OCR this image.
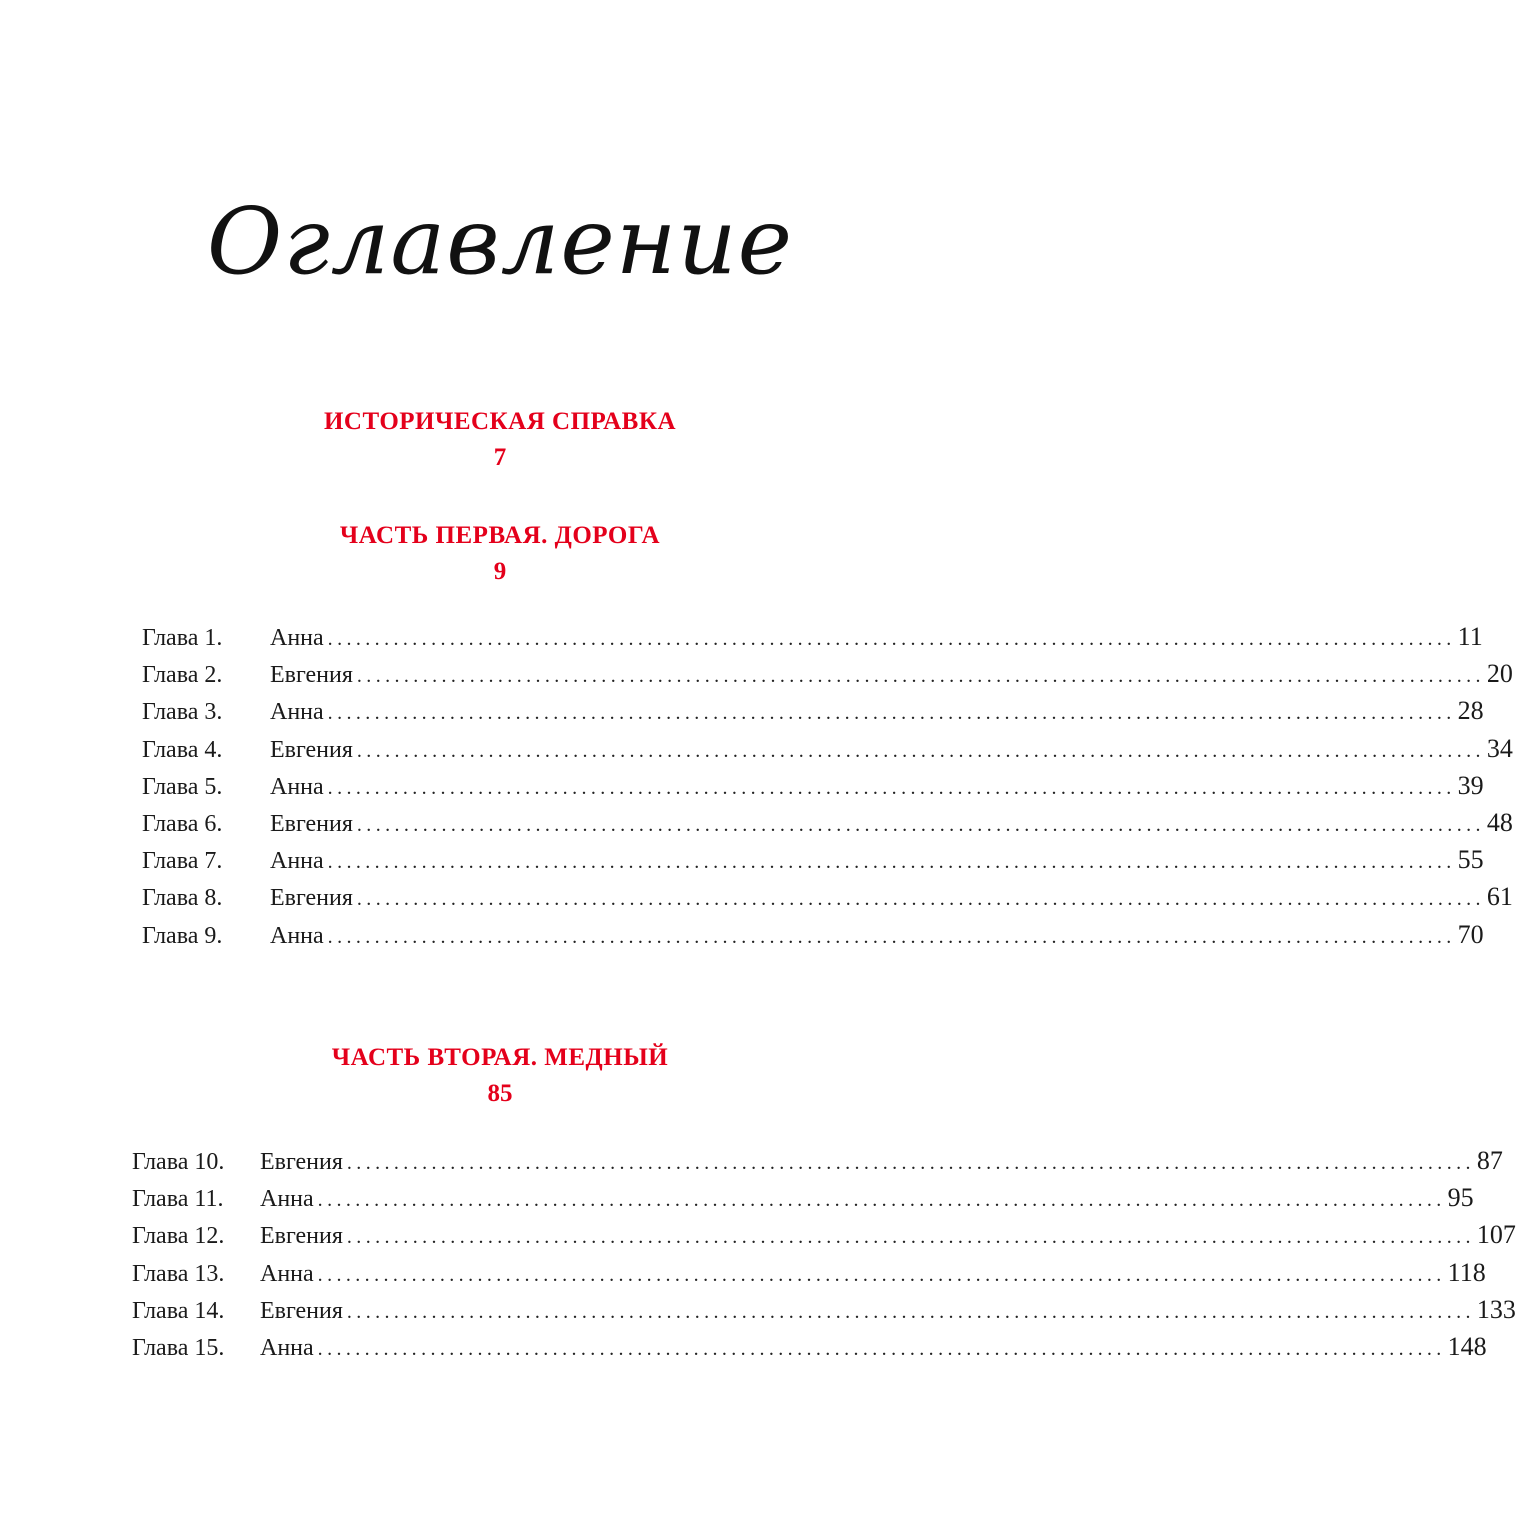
Оглавление
ИСТОРИЧЕСКАЯ СПРАВКА
7
ЧАСТЬ ПЕРВАЯ. ДОРОГА
9
Глава 1.	Анна ........................................................................................................................ 11
Глава 2.	Евгения ........................................................................................................................ 20
Глава 3.	Анна ........................................................................................................................ 28
Глава 4.	Евгения ........................................................................................................................ 34
Глава 5.	Анна ........................................................................................................................ 39
Глава 6.	Евгения ........................................................................................................................ 48
Глава 7.	Анна ........................................................................................................................ 55
Глава 8.	Евгения ........................................................................................................................ 61
Глава 9.	Анна ........................................................................................................................ 70
ЧАСТЬ ВТОРАЯ. МЕДНЫЙ
85
Глава 10.	Евгения ........................................................................................................................ 87
Глава 11.	Анна ........................................................................................................................ 95
Глава 12.	Евгения ........................................................................................................................ 107
Глава 13.	Анна ........................................................................................................................ 118
Глава 14.	Евгения ........................................................................................................................ 133
Глава 15.	Анна ........................................................................................................................ 148
